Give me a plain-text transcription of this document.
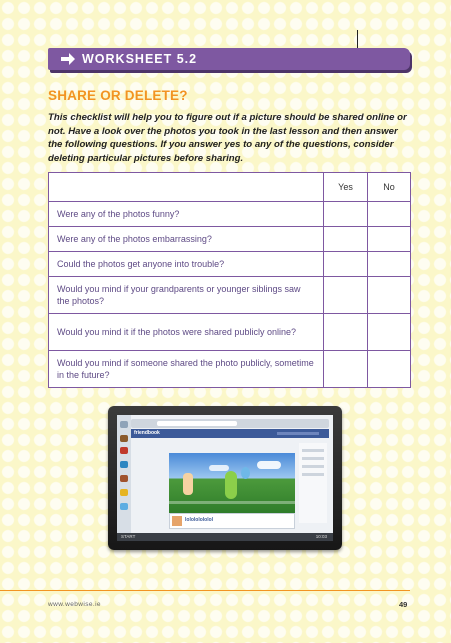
WORKSHEET 5.2
SHARE OR DELETE?
This checklist will help you to figure out if a picture should be shared online or not. Have a look over the photos you took in the last lesson and then answer the following questions. If you answer yes to any of the questions, consider deleting particular pictures before sharing.
	Yes	No
Were any of the photos funny?		
Were any of the photos embarrassing?		
Could the photos get anyone into trouble?		
Would you mind if your grandparents or younger siblings saw the photos?		
Would you mind it if the photos were shared publicly online?		
Would you mind if someone shared the photo publicly, sometime in the future?		
friendbook
lolololololol
START	10:03
www.webwise.ie	49
